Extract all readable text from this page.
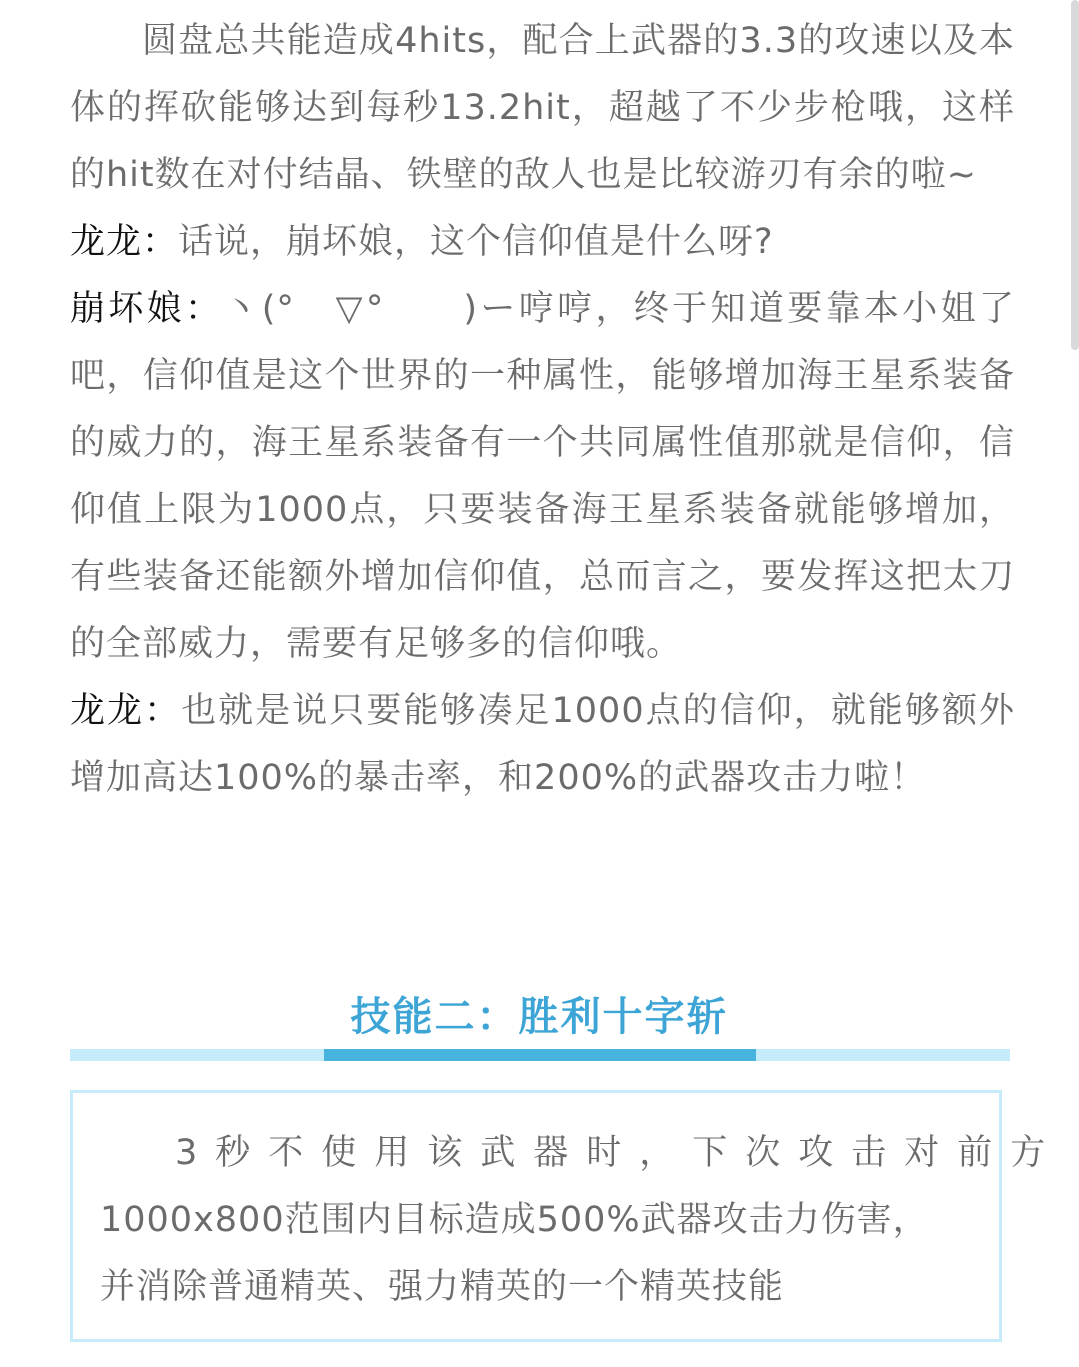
圆盘总共能造成4hits，配合上武器的3.3的攻速以及本体的挥砍能够达到每秒13.2hit，超越了不少步枪哦，这样的hit数在对付结晶、铁壁的敌人也是比较游刃有余的啦~

龙龙：话说，崩坏娘，这个信仰值是什么呀?

崩坏娘：丶(°　▽°　　)ー哼哼，终于知道要靠本小姐了吧，信仰值是这个世界的一种属性，能够增加海王星系装备的威力的，海王星系装备有一个共同属性值那就是信仰，信仰值上限为1000点，只要装备海王星系装备就能够增加，有些装备还能额外增加信仰值，总而言之，要发挥这把太刀的全部威力，需要有足够多的信仰哦。

龙龙：也就是说只要能够凑足1000点的信仰，就能够额外增加高达100%的暴击率，和200%的武器攻击力啦！

技能二：胜利十字斩
3秒不使用该武器时，下次攻击对前方
1000x800范围内目标造成500%武器攻击力伤害，
并消除普通精英、强力精英的一个精英技能
